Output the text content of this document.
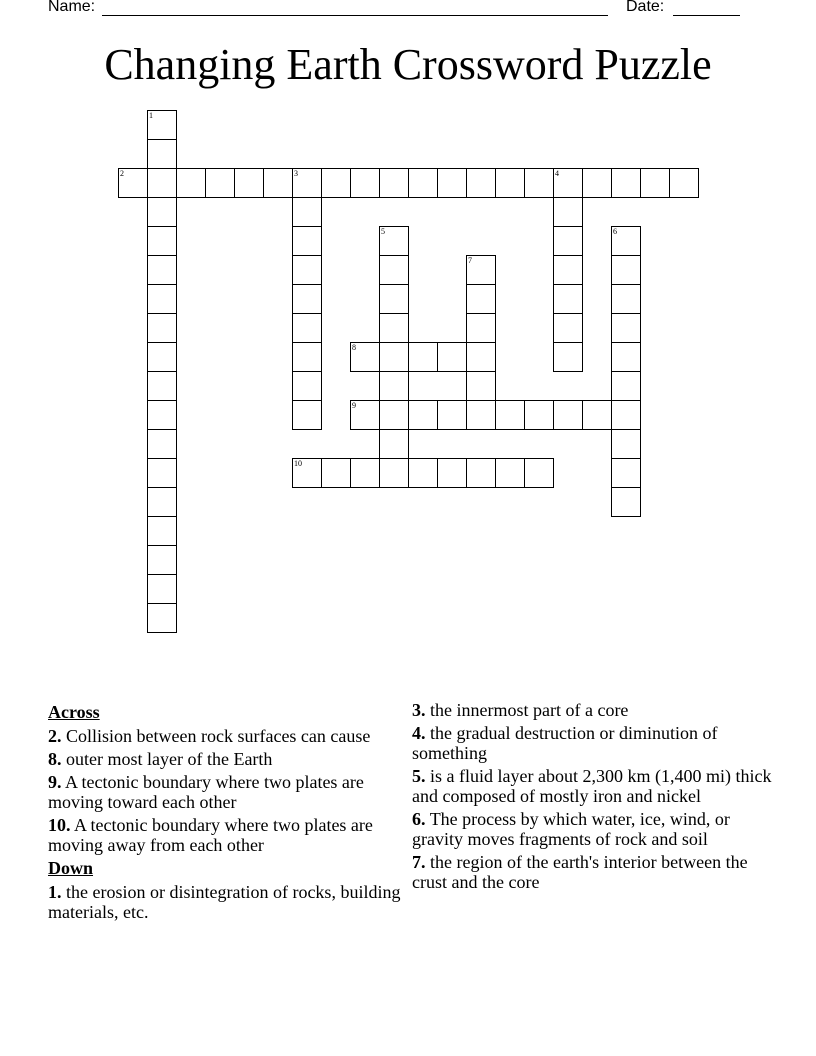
Name:	Date:
Changing Earth Crossword Puzzle
1
2	3	4
5	6
7
8
9
10
Across
2. Collision between rock surfaces can cause
8. outer most layer of the Earth
9. A tectonic boundary where two plates are moving toward each other
10. A tectonic boundary where two plates are moving away from each other
Down
1. the erosion or disintegration of rocks, building materials, etc.
3. the innermost part of a core
4. the gradual destruction or diminution of something
5. is a fluid layer about 2,300 km (1,400 mi) thick and composed of mostly iron and nickel
6. The process by which water, ice, wind, or gravity moves fragments of rock and soil
7. the region of the earth's interior between the crust and the core
